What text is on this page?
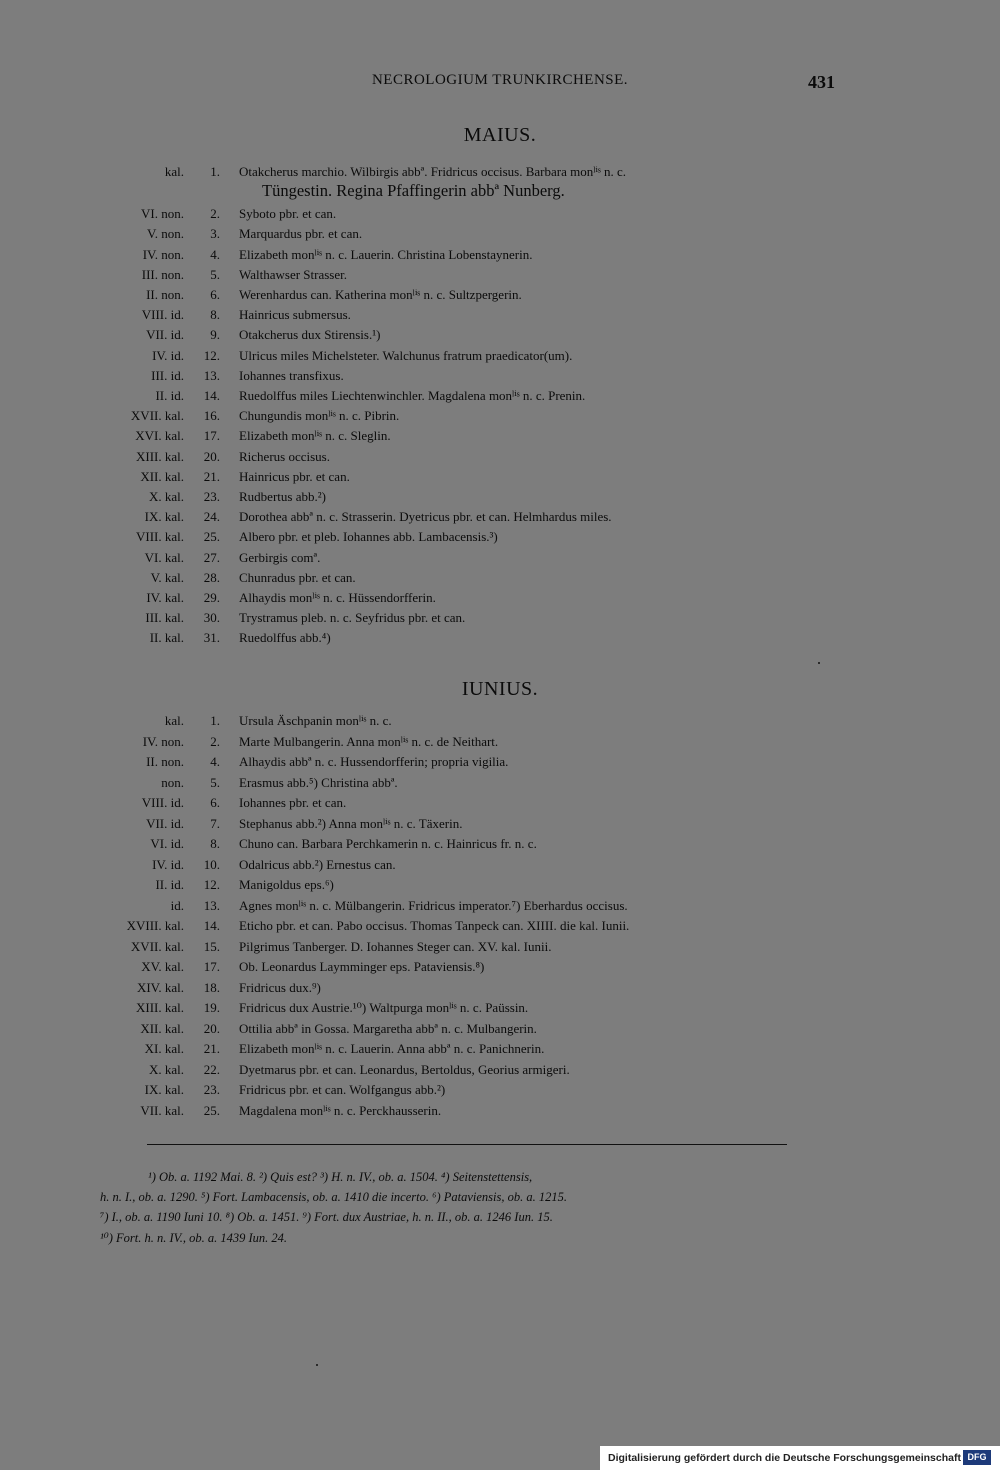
NECROLOGIUM TRUNKIRCHENSE.	431
MAIUS.
kal. 1. Otakcherus marchio. Wilbirgis abbª. Fridricus occisus. Barbara monˡⁱˢ n. c.
Tüngestin. Regina Pfaffingerin abbª Nunberg.
VI. non. 2. Syboto pbr. et can.
V. non. 3. Marquardus pbr. et can.
IV. non. 4. Elizabeth monˡⁱˢ n. c. Lauerin. Christina Lobenstaynerin.
III. non. 5. Walthawser Strasser.
II. non. 6. Werenhardus can. Katherina monˡⁱˢ n. c. Sultzpergerin.
VIII. id. 8. Hainricus submersus.
VII. id. 9. Otakcherus dux Stirensis.¹)
IV. id. 12. Ulricus miles Michelsteter. Walchunus fratrum praedicator(um).
III. id. 13. Iohannes transfixus.
II. id. 14. Ruedolffus miles Liechtenwinchler. Magdalena monˡⁱˢ n. c. Prenin.
XVII. kal. 16. Chungundis monˡⁱˢ n. c. Pibrin.
XVI. kal. 17. Elizabeth monˡⁱˢ n. c. Sleglin.
XIII. kal. 20. Richerus occisus.
XII. kal. 21. Hainricus pbr. et can.
X. kal. 23. Rudbertus abb.²)
IX. kal. 24. Dorothea abbª n. c. Strasserin. Dyetricus pbr. et can. Helmhardus miles.
VIII. kal. 25. Albero pbr. et pleb. Iohannes abb. Lambacensis.³)
VI. kal. 27. Gerbirgis comª.
V. kal. 28. Chunradus pbr. et can.
IV. kal. 29. Alhaydis monˡⁱˢ n. c. Hüssendorfferin.
III. kal. 30. Trystramus pleb. n. c. Seyfridus pbr. et can.
II. kal. 31. Ruedolffus abb.⁴)
IUNIUS.
kal. 1. Ursula Äschpanin monˡⁱˢ n. c.
IV. non. 2. Marte Mulbangerin. Anna monˡⁱˢ n. c. de Neithart.
II. non. 4. Alhaydis abbª n. c. Hussendorfferin; propria vigilia.
non. 5. Erasmus abb.⁵) Christina abbª.
VIII. id. 6. Iohannes pbr. et can.
VII. id. 7. Stephanus abb.²) Anna monˡⁱˢ n. c. Täxerin.
VI. id. 8. Chuno can. Barbara Perchkamerin n. c. Hainricus fr. n. c.
IV. id. 10. Odalricus abb.²) Ernestus can.
II. id. 12. Manigoldus eps.⁶)
id. 13. Agnes monˡⁱˢ n. c. Mülbangerin. Fridricus imperator.⁷) Eberhardus occisus.
XVIII. kal. 14. Eticho pbr. et can. Pabo occisus. Thomas Tanpeck can. XIIII. die kal. Iunii.
XVII. kal. 15. Pilgrimus Tanberger. D. Iohannes Steger can. XV. kal. Iunii.
XV. kal. 17. Ob. Leonardus Laymminger eps. Pataviensis.⁸)
XIV. kal. 18. Fridricus dux.⁹)
XIII. kal. 19. Fridricus dux Austrie.¹⁰) Waltpurga monˡⁱˢ n. c. Paüssin.
XII. kal. 20. Ottilia abbª in Gossa. Margaretha abbª n. c. Mulbangerin.
XI. kal. 21. Elizabeth monˡⁱˢ n. c. Lauerin. Anna abbª n. c. Panichnerin.
X. kal. 22. Dyetmarus pbr. et can. Leonardus, Bertoldus, Georius armigeri.
IX. kal. 23. Fridricus pbr. et can. Wolfgangus abb.²)
VII. kal. 25. Magdalena monˡⁱˢ n. c. Perckhausserin.
¹) Ob. a. 1192 Mai. 8. ²) Quis est? ³) H. n. IV., ob. a. 1504. ⁴) Seitenstettensis,
h. n. I., ob. a. 1290. ⁵) Fort. Lambacensis, ob. a. 1410 die incerto. ⁶) Pataviensis, ob. a. 1215.
⁷) I., ob. a. 1190 Iuni 10. ⁸) Ob. a. 1451. ⁹) Fort. dux Austriae, h. n. II., ob. a. 1246 Iun. 15.
¹⁰) Fort. h. n. IV., ob. a. 1439 Iun. 24.
Digitalisierung gefördert durch die Deutsche Forschungsgemeinschaft DFG
